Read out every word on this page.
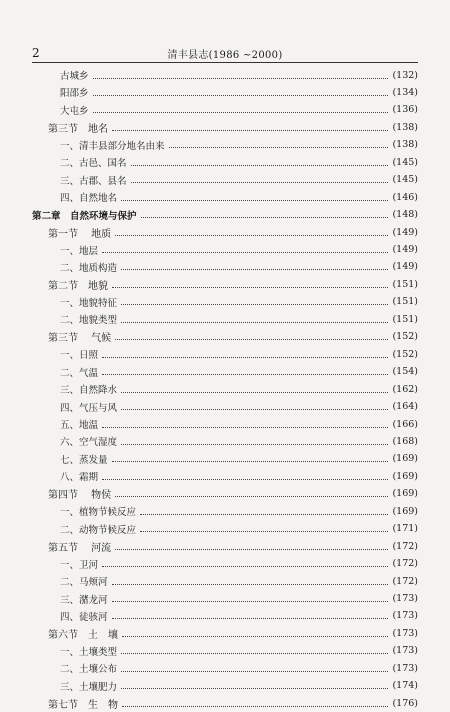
2	清丰县志(1986 ~2000)
古城乡	(132)
阳邵乡	(134)
大屯乡	(136)
第三节　地名	(138)
一、清丰县部分地名由来	(138)
二、古邑、国名	(145)
三、古郡、县名	(145)
四、自然地名	(146)
第二章　自然环境与保护	(148)
第一节　 地质	(149)
一、地层	(149)
二、地质构造	(149)
第二节　地貌	(151)
一、地貌特征	(151)
二、地貌类型	(151)
第三节　 气候	(152)
一、日照	(152)
二、气温	(154)
三、自然降水	(162)
四、气压与风	(164)
五、地温	(166)
六、空气湿度	(168)
七、蒸发量	(169)
八、霜期	(169)
第四节　 物侯	(169)
一、植物节候反应	(169)
二、动物节候反应	(171)
第五节　 河流	(172)
一、卫河	(172)
二、马颊河	(172)
三、潴龙河	(173)
四、徒骇河	(173)
第六节　土　壤	(173)
一、土壤类型	(173)
二、土壤公布	(173)
三、土壤肥力	(174)
第七节　生　物	(176)
